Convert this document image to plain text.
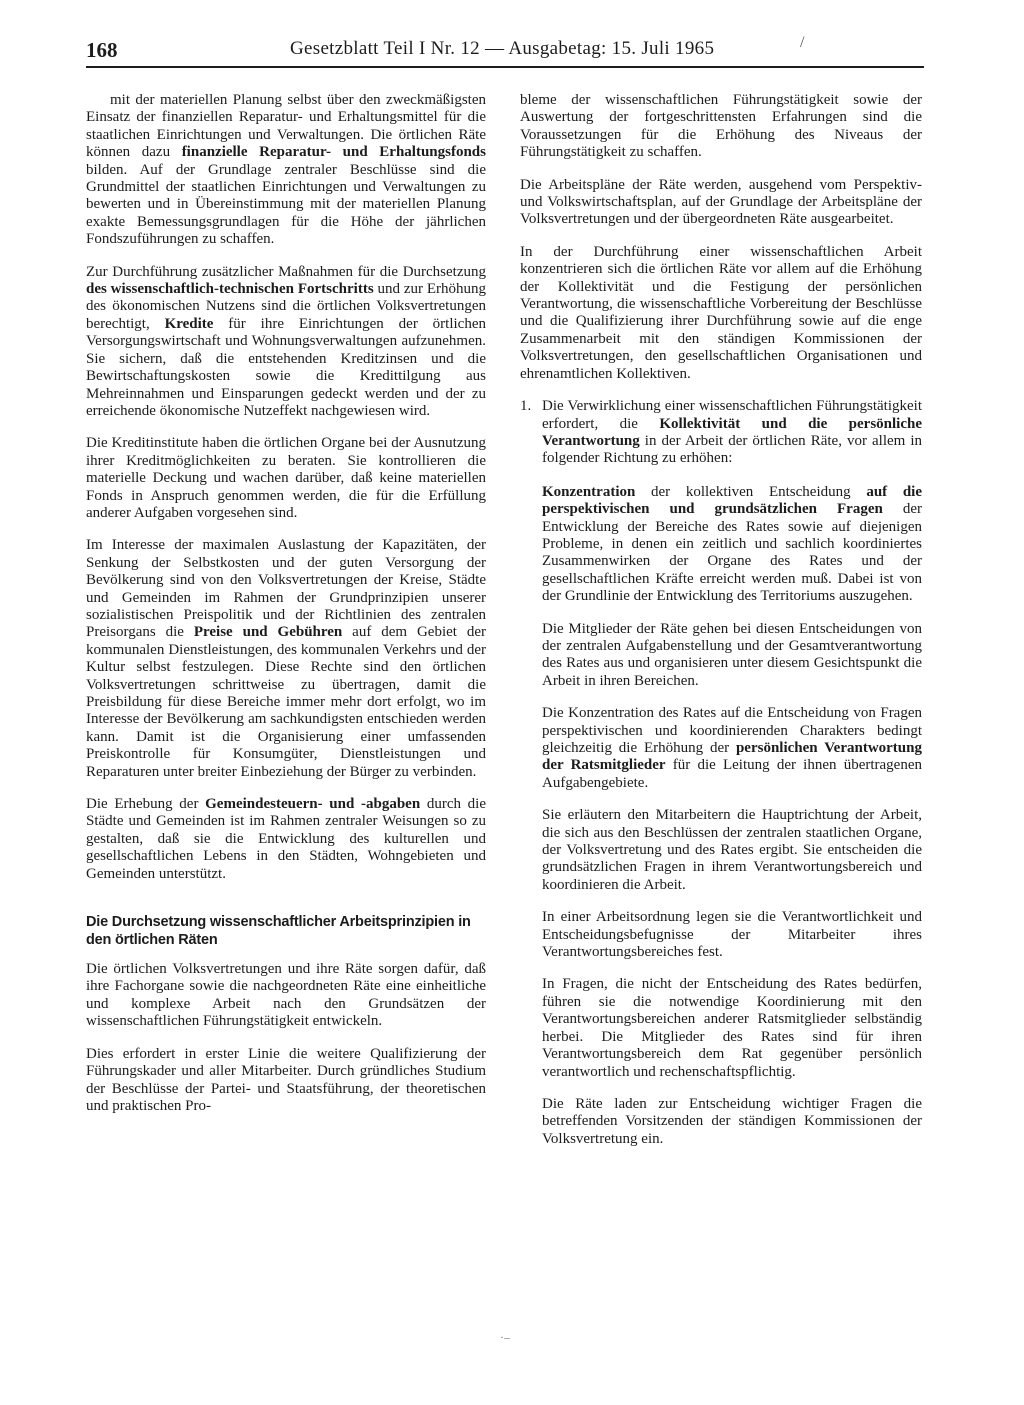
168	Gesetzblatt Teil I Nr. 12 — Ausgabetag: 15. Juli 1965	/

mit der materiellen Planung selbst über den zweckmäßigsten Einsatz der finanziellen Reparatur- und Erhaltungsmittel für die staatlichen Einrichtungen und Verwaltungen. Die örtlichen Räte können dazu finanzielle Reparatur- und Erhaltungsfonds bilden. Auf der Grundlage zentraler Beschlüsse sind die Grundmittel der staatlichen Einrichtungen und Verwaltungen zu bewerten und in Übereinstimmung mit der materiellen Planung exakte Bemessungsgrundlagen für die Höhe der jährlichen Fondszuführungen zu schaffen.

Zur Durchführung zusätzlicher Maßnahmen für die Durchsetzung des wissenschaftlich-technischen Fortschritts und zur Erhöhung des ökonomischen Nutzens sind die örtlichen Volksvertretungen berechtigt, Kredite für ihre Einrichtungen der örtlichen Versorgungswirtschaft und Wohnungsverwaltungen aufzunehmen. Sie sichern, daß die entstehenden Kreditzinsen und die Bewirtschaftungskosten sowie die Kredittilgung aus Mehreinnahmen und Einsparungen gedeckt werden und der zu erreichende ökonomische Nutzeffekt nachgewiesen wird.

Die Kreditinstitute haben die örtlichen Organe bei der Ausnutzung ihrer Kreditmöglichkeiten zu beraten. Sie kontrollieren die materielle Deckung und wachen darüber, daß keine materiellen Fonds in Anspruch genommen werden, die für die Erfüllung anderer Aufgaben vorgesehen sind.

Im Interesse der maximalen Auslastung der Kapazitäten, der Senkung der Selbstkosten und der guten Versorgung der Bevölkerung sind von den Volksvertretungen der Kreise, Städte und Gemeinden im Rahmen der Grundprinzipien unserer sozialistischen Preispolitik und der Richtlinien des zentralen Preisorgans die Preise und Gebühren auf dem Gebiet der kommunalen Dienstleistungen, des kommunalen Verkehrs und der Kultur selbst festzulegen. Diese Rechte sind den örtlichen Volksvertretungen schrittweise zu übertragen, damit die Preisbildung für diese Bereiche immer mehr dort erfolgt, wo im Interesse der Bevölkerung am sachkundigsten entschieden werden kann. Damit ist die Organisierung einer umfassenden Preiskontrolle für Konsumgüter, Dienstleistungen und Reparaturen unter breiter Einbeziehung der Bürger zu verbinden.

Die Erhebung der Gemeindesteuern- und -abgaben durch die Städte und Gemeinden ist im Rahmen zentraler Weisungen so zu gestalten, daß sie die Entwicklung des kulturellen und gesellschaftlichen Lebens in den Städten, Wohngebieten und Gemeinden unterstützt.

Die Durchsetzung wissenschaftlicher Arbeitsprinzipien in den örtlichen Räten

Die örtlichen Volksvertretungen und ihre Räte sorgen dafür, daß ihre Fachorgane sowie die nachgeordneten Räte eine einheitliche und komplexe Arbeit nach den Grundsätzen der wissenschaftlichen Führungstätigkeit entwickeln.

Dies erfordert in erster Linie die weitere Qualifizierung der Führungskader und aller Mitarbeiter. Durch gründliches Studium der Beschlüsse der Partei- und Staatsführung, der theoretischen und praktischen Pro-

bleme der wissenschaftlichen Führungstätigkeit sowie der Auswertung der fortgeschrittensten Erfahrungen sind die Voraussetzungen für die Erhöhung des Niveaus der Führungstätigkeit zu schaffen.

Die Arbeitspläne der Räte werden, ausgehend vom Perspektiv- und Volkswirtschaftsplan, auf der Grundlage der Arbeitspläne der Volksvertretungen und der übergeordneten Räte ausgearbeitet.

In der Durchführung einer wissenschaftlichen Arbeit konzentrieren sich die örtlichen Räte vor allem auf die Erhöhung der Kollektivität und die Festigung der persönlichen Verantwortung, die wissenschaftliche Vorbereitung der Beschlüsse und die Qualifizierung ihrer Durchführung sowie auf die enge Zusammenarbeit mit den ständigen Kommissionen der Volksvertretungen, den gesellschaftlichen Organisationen und ehrenamtlichen Kollektiven.

1. Die Verwirklichung einer wissenschaftlichen Führungstätigkeit erfordert, die Kollektivität und die persönliche Verantwortung in der Arbeit der örtlichen Räte, vor allem in folgender Richtung zu erhöhen:

Konzentration der kollektiven Entscheidung auf die perspektivischen und grundsätzlichen Fragen der Entwicklung der Bereiche des Rates sowie auf diejenigen Probleme, in denen ein zeitlich und sachlich koordiniertes Zusammenwirken der Organe des Rates und der gesellschaftlichen Kräfte erreicht werden muß. Dabei ist von der Grundlinie der Entwicklung des Territoriums auszugehen.

Die Mitglieder der Räte gehen bei diesen Entscheidungen von der zentralen Aufgabenstellung und der Gesamtverantwortung des Rates aus und organisieren unter diesem Gesichtspunkt die Arbeit in ihren Bereichen.

Die Konzentration des Rates auf die Entscheidung von Fragen perspektivischen und koordinierenden Charakters bedingt gleichzeitig die Erhöhung der persönlichen Verantwortung der Ratsmitglieder für die Leitung der ihnen übertragenen Aufgabengebiete.

Sie erläutern den Mitarbeitern die Hauptrichtung der Arbeit, die sich aus den Beschlüssen der zentralen staatlichen Organe, der Volksvertretung und des Rates ergibt. Sie entscheiden die grundsätzlichen Fragen in ihrem Verantwortungsbereich und koordinieren die Arbeit.

In einer Arbeitsordnung legen sie die Verantwortlichkeit und Entscheidungsbefugnisse der Mitarbeiter ihres Verantwortungsbereiches fest.

In Fragen, die nicht der Entscheidung des Rates bedürfen, führen sie die notwendige Koordinierung mit den Verantwortungsbereichen anderer Ratsmitglieder selbständig herbei. Die Mitglieder des Rates sind für ihren Verantwortungsbereich dem Rat gegenüber persönlich verantwortlich und rechenschaftspflichtig.

Die Räte laden zur Entscheidung wichtiger Fragen die betreffenden Vorsitzenden der ständigen Kommissionen der Volksvertretung ein.

·–
